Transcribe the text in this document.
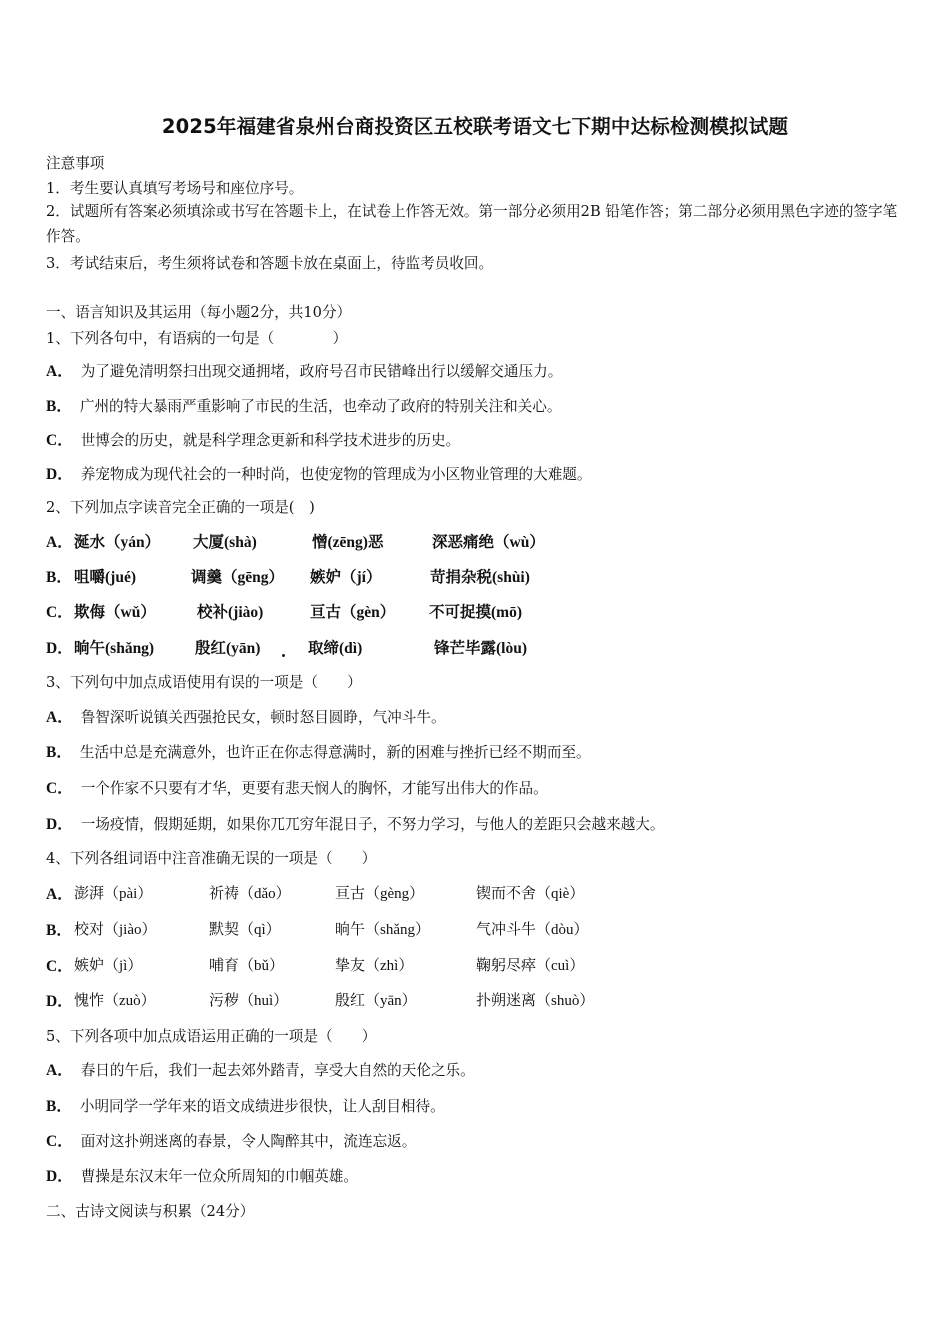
2025年福建省泉州台商投资区五校联考语文七下期中达标检测模拟试题
注意事项
1．考生要认真填写考场号和座位序号。
2．试题所有答案必须填涂或书写在答题卡上，在试卷上作答无效。第一部分必须用2B 铅笔作答；第二部分必须用黑色字迹的签字笔作答。
3．考试结束后，考生须将试卷和答题卡放在桌面上，待监考员收回。
一、语言知识及其运用（每小题2分，共10分）
1、下列各句中，有语病的一句是（　　　　）
A． 为了避免清明祭扫出现交通拥堵，政府号召市民错峰出行以缓解交通压力。
B． 广州的特大暴雨严重影响了市民的生活，也牵动了政府的特别关注和关心。
C． 世博会的历史，就是科学理念更新和科学技术进步的历史。
D． 养宠物成为现代社会的一种时尚，也使宠物的管理成为小区物业管理的大难题。
2、下列加点字读音完全正确的一项是(　)
A． 涎水（yán） 大厦(shà)	憎(zēng)恶	深恶痛绝（wù）
B． 咀嚼(jué)	调羹（gēng） 嫉妒（jí）	苛捐杂税(shùi)
C． 欺侮（wǔ）	校补(jiào)	亘古（gèn） 不可捉摸(mō)
D． 晌午(shǎng)	殷红(yān)	取缔(dì)	锋芒毕露(lòu)
3、下列句中加点成语使用有误的一项是（　　）
A． 鲁智深听说镇关西强抢民女，顿时怒目圆睁，气冲斗牛。
B． 生活中总是充满意外，也许正在你志得意满时，新的困难与挫折已经不期而至。
C． 一个作家不只要有才华，更要有悲天悯人的胸怀，才能写出伟大的作品。
D． 一场疫情，假期延期，如果你兀兀穷年混日子，不努力学习，与他人的差距只会越来越大。
4、下列各组词语中注音准确无误的一项是（　　）
A． 澎湃（pài）	祈祷（dǎo）	亘古（gèng）	锲而不舍（qiè）
B． 校对（jiào）	默契（qì）	晌午（shǎng）	气冲斗牛（dòu）
C． 嫉妒（jì）	哺育（bǔ）	挚友（zhì）	鞠躬尽瘁（cuì）
D． 愧怍（zuò）	污秽（huì）	殷红（yān）	扑朔迷离（shuò）
5、下列各项中加点成语运用正确的一项是（　　）
A． 春日的午后，我们一起去郊外踏青，享受大自然的天伦之乐。
B． 小明同学一学年来的语文成绩进步很快，让人刮目相待。
C． 面对这扑朔迷离的春景，令人陶醉其中，流连忘返。
D． 曹操是东汉末年一位众所周知的巾帼英雄。
二、古诗文阅读与积累（24分）
